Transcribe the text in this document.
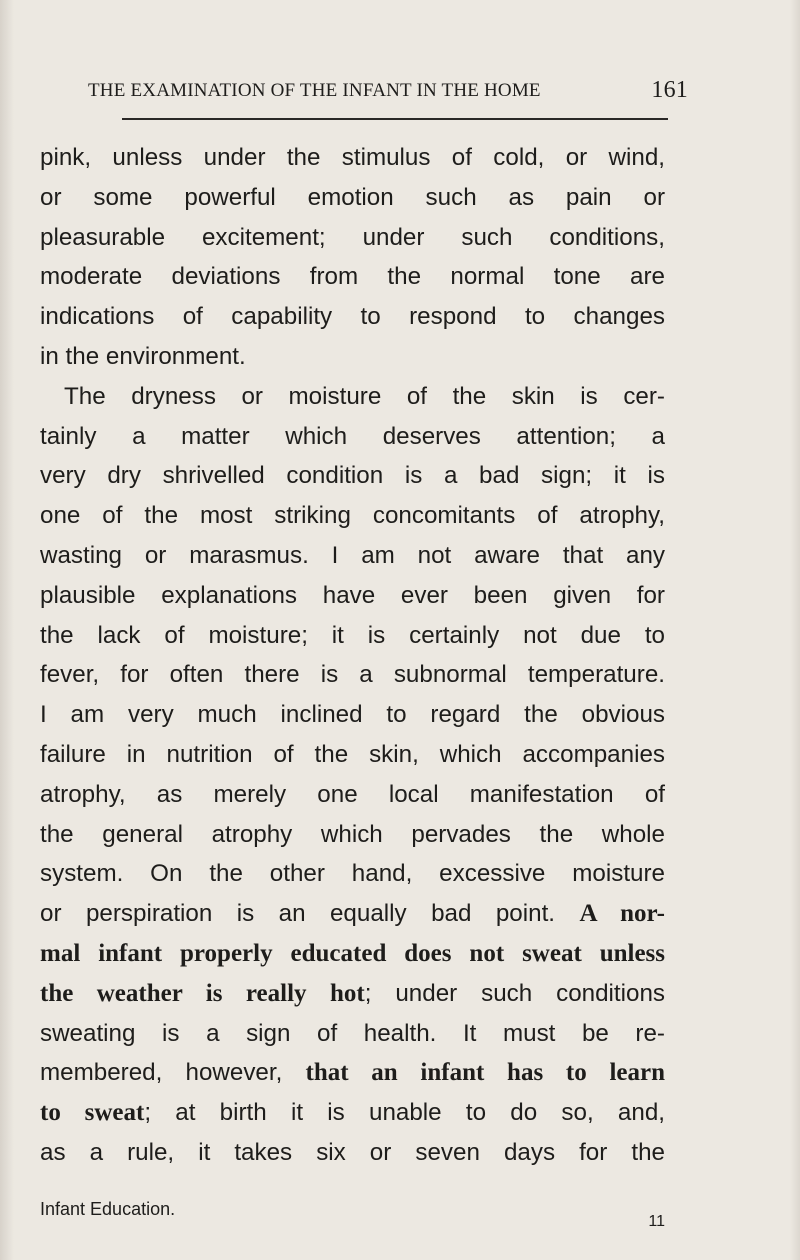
THE EXAMINATION OF THE INFANT IN THE HOME	161
pink, unless under the stimulus of cold, or wind,
or some powerful emotion such as pain or
pleasurable excitement; under such conditions,
moderate deviations from the normal tone are
indications of capability to respond to changes
in the environment.
The dryness or moisture of the skin is cer-
tainly a matter which deserves attention; a
very dry shrivelled condition is a bad sign; it is
one of the most striking concomitants of atrophy,
wasting or marasmus. I am not aware that any
plausible explanations have ever been given for
the lack of moisture; it is certainly not due to
fever, for often there is a subnormal temperature.
I am very much inclined to regard the obvious
failure in nutrition of the skin, which accompanies
atrophy, as merely one local manifestation of
the general atrophy which pervades the whole
system. On the other hand, excessive moisture
or perspiration is an equally bad point. A nor-
mal infant properly educated does not sweat unless
the weather is really hot; under such conditions
sweating is a sign of health. It must be re-
membered, however, that an infant has to learn
to sweat; at birth it is unable to do so, and,
as a rule, it takes six or seven days for the
Infant Education.
11
